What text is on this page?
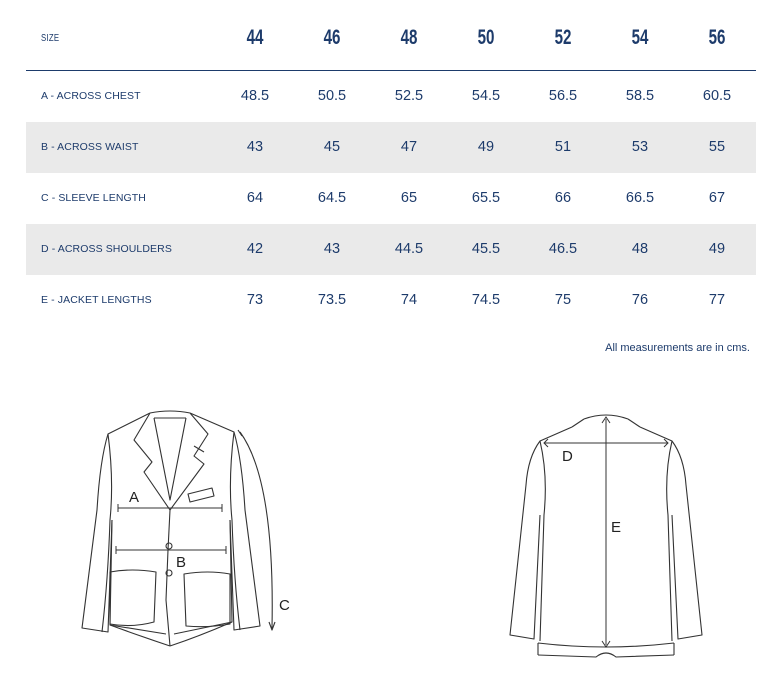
SIZE	44	46	48	50	52	54	56
A - ACROSS CHEST	48.5	50.5	52.5	54.5	56.5	58.5	60.5
B - ACROSS WAIST	43	45	47	49	51	53	55
C - SLEEVE LENGTH	64	64.5	65	65.5	66	66.5	67
D - ACROSS SHOULDERS	42	43	44.5	45.5	46.5	48	49
E - JACKET LENGTHS	73	73.5	74	74.5	75	76	77
All measurements are in cms.
A
B
C
D
E
